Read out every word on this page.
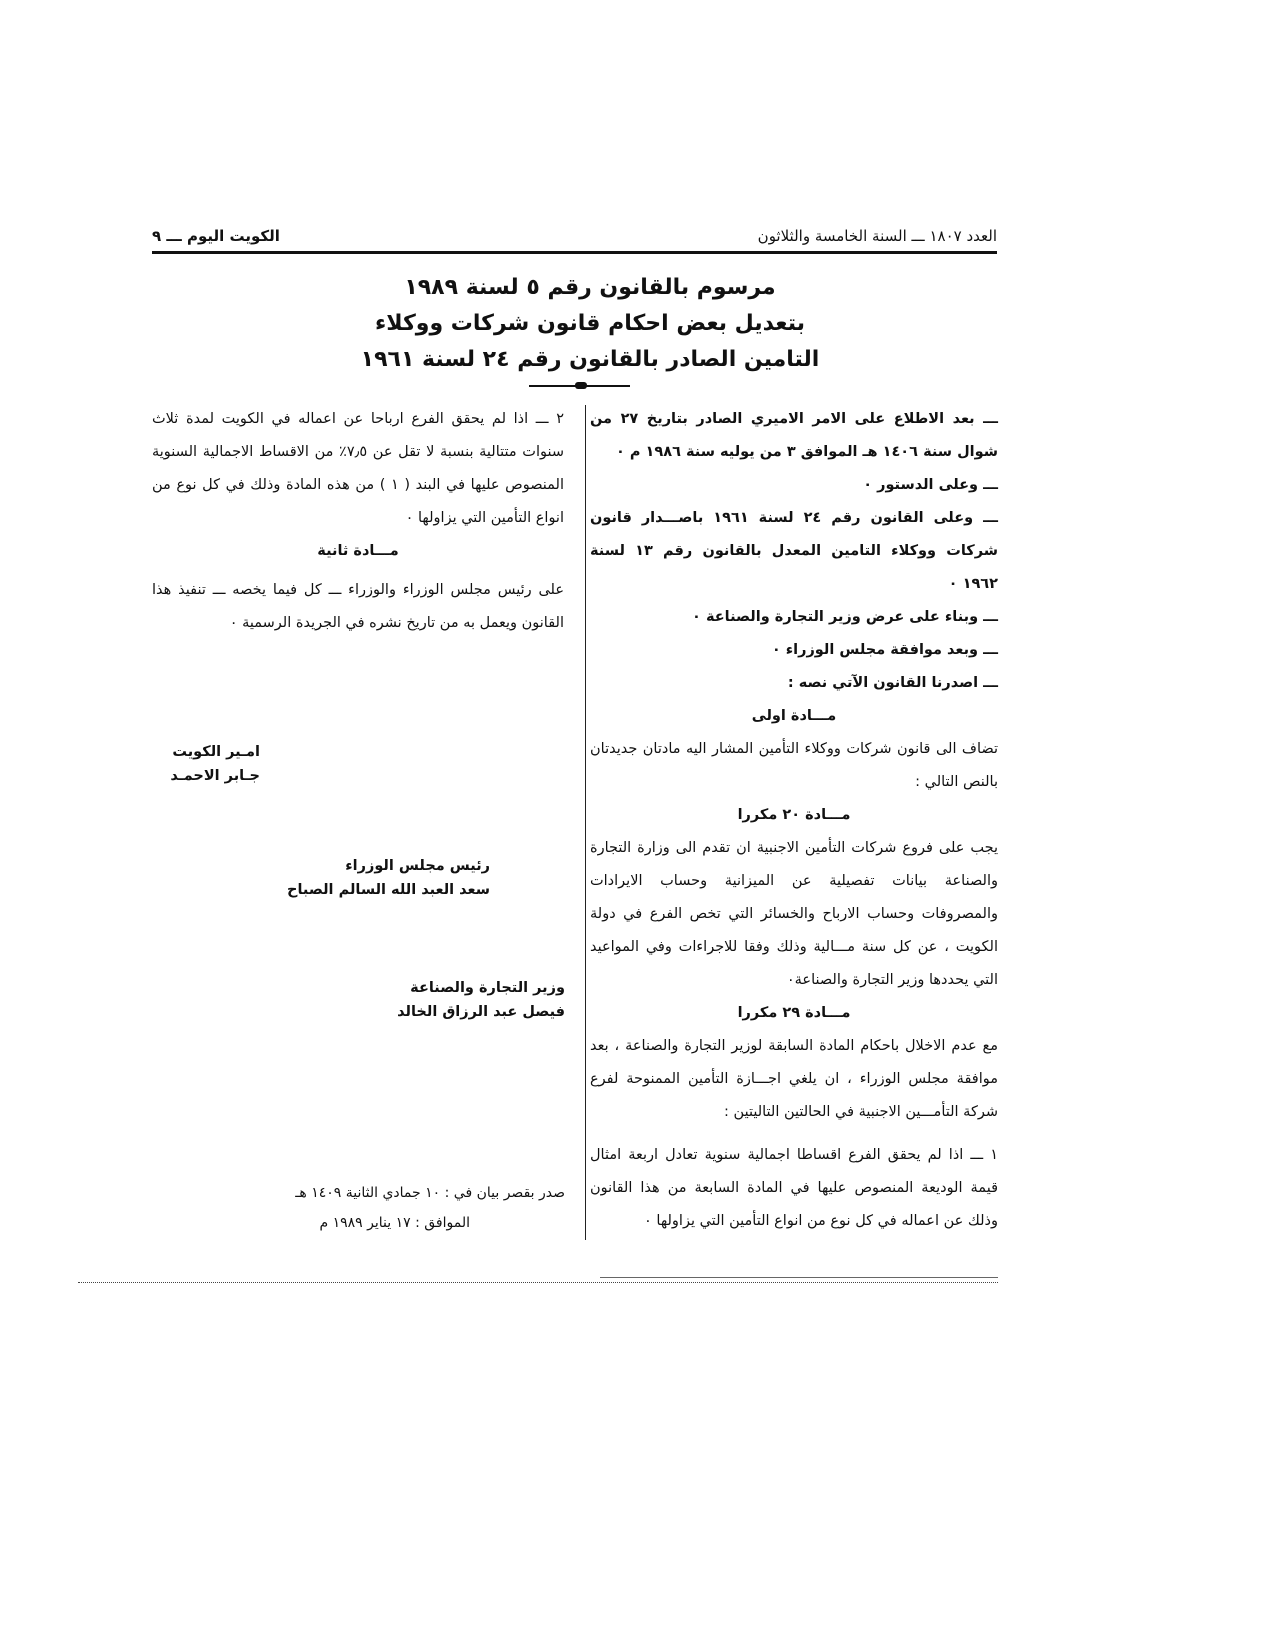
الكويت اليوم ـــ ٩	العدد ١٨٠٧ ـــ السنة الخامسة والثلاثون
مرسوم بالقانون رقم ٥ لسنة ١٩٨٩
بتعديل بعض احكام قانون شركات ووكلاء
التامين الصادر بالقانون رقم ٢٤ لسنة ١٩٦١

ـــ بعد الاطلاع على الامر الاميري الصادر بتاريخ ٢٧ من شوال سنة ١٤٠٦ هـ الموافق ٣ من يوليه سنة ١٩٨٦ م ٠

ـــ وعلى الدستور ٠

ـــ وعلى القانون رقم ٢٤ لسنة ١٩٦١ باصـــدار قانون شركات ووكلاء التامين المعدل بالقانون رقم ١٣ لسنة ١٩٦٢ ٠

ـــ وبناء على عرض وزير التجارة والصناعة ٠

ـــ وبعد موافقة مجلس الوزراء ٠

ـــ اصدرنا القانون الآتي نصه :

مـــادة اولى

تضاف الى قانون شركات ووكلاء التأمين المشار اليه مادتان جديدتان بالنص التالي :

مـــادة ٢٠ مكررا

يجب على فروع شركات التأمين الاجنبية ان تقدم الى وزارة التجارة والصناعة بيانات تفصيلية عن الميزانية وحساب الايرادات والمصروفات وحساب الارباح والخسائر التي تخص الفرع في دولة الكويت ، عن كل سنة مـــالية وذلك وفقا للاجراءات وفي المواعيد التي يحددها وزير التجارة والصناعة٠

مـــادة ٢٩ مكررا

مع عدم الاخلال باحكام المادة السابقة لوزير التجارة والصناعة ، بعد موافقة مجلس الوزراء ، ان يلغي اجـــازة التأمين الممنوحة لفرع شركة التأمـــين الاجنبية في الحالتين التاليتين :

١ ـــ اذا لم يحقق الفرع اقساطا اجمالية سنوية تعادل اربعة امثال قيمة الوديعة المنصوص عليها في المادة السابعة من هذا القانون وذلك عن اعماله في كل نوع من انواع التأمين التي يزاولها ٠

٢ ـــ اذا لم يحقق الفرع ارباحا عن اعماله في الكويت لمدة ثلاث سنوات متتالية بنسبة لا تقل عن ٧٫٥٪ من الاقساط الاجمالية السنوية المنصوص عليها في البند ( ١ ) من هذه المادة وذلك في كل نوع من انواع التأمين التي يزاولها ٠

مـــادة ثانية

على رئيس مجلس الوزراء والوزراء ـــ كل فيما يخصه ـــ تنفيذ هذا القانون ويعمل به من تاريخ نشره في الجريدة الرسمية ٠

امـير الكويت
جـابر الاحمـد
رئيس مجلس الوزراء
سعد العبد الله السالم الصباح
وزير التجارة والصناعة
فيصل عبد الرزاق الخالد
صدر بقصر بيان في : ١٠ جمادي الثانية ١٤٠٩ هـ
الموافق : ١٧ يناير ١٩٨٩ م
